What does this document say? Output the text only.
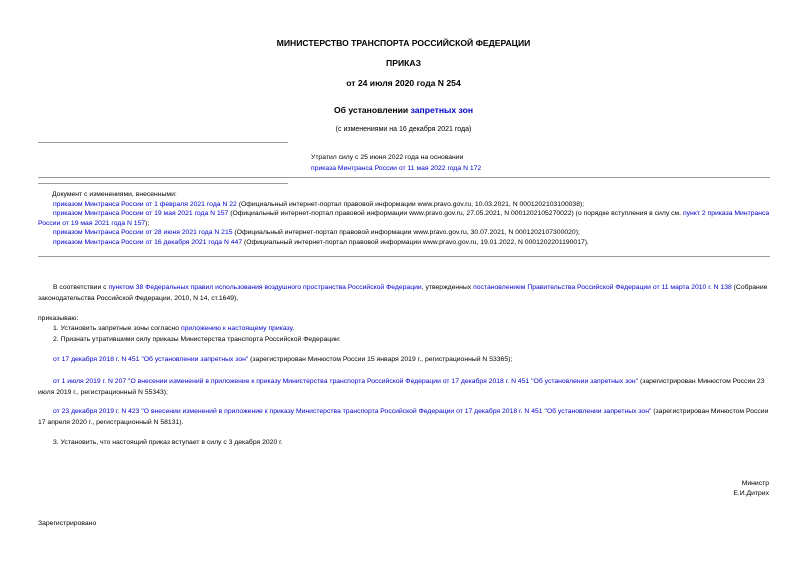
МИНИСТЕРСТВО ТРАНСПОРТА РОССИЙСКОЙ ФЕДЕРАЦИИ
ПРИКАЗ
от 24 июля 2020 года N 254
Об установлении запретных зон
(с изменениями на 16 декабря 2021 года)
Утратил силу с 25 июня 2022 года на основании
приказа Минтранса России от 11 мая 2022 года N 172
Документ с изменениями, внесенными:
приказом Минтранса России от 1 февраля 2021 года N 22 (Официальный интернет-портал правовой информации www.pravo.gov.ru, 10.03.2021, N 0001202103100038);
приказом Минтранса России от 19 мая 2021 года N 157 (Официальный интернет-портал правовой информации www.pravo.gov.ru, 27.05.2021, N 0001202105270022) (о порядке вступления в силу см. пункт 2 приказа Минтранса России от 19 мая 2021 года N 157);
приказом Минтранса России от 28 июня 2021 года N 215 (Официальный интернет-портал правовой информации www.pravo.gov.ru, 30.07.2021, N 0001202107300020);
приказом Минтранса России от 16 декабря 2021 года N 447 (Официальный интернет-портал правовой информации www.pravo.gov.ru, 19.01.2022, N 0001202201190017).
В соответствии с пунктом 38 Федеральных правил использования воздушного пространства Российской Федерации, утвержденных постановлением Правительства Российской Федерации от 11 марта 2010 г. N 138 (Собрание законодательства Российской Федерации, 2010, N 14, ст.1649),
приказываю:
1. Установить запретные зоны согласно приложению к настоящему приказу.
2. Признать утратившими силу приказы Министерства транспорта Российской Федерации:
от 17 декабря 2018 г. N 451 "Об установлении запретных зон" (зарегистрирован Минюстом России 15 января 2019 г., регистрационный N 53365);
от 1 июля 2019 г. N 207 "О внесении изменений в приложение к приказу Министерства транспорта Российской Федерации от 17 декабря 2018 г. N 451 "Об установлении запретных зон" (зарегистрирован Минюстом России 23 июля 2019 г., регистрационный N 55343);
от 23 декабря 2019 г. N 423 "О внесении изменений в приложение к приказу Министерства транспорта Российской Федерации от 17 декабря 2018 г. N 451 "Об установлении запретных зон" (зарегистрирован Минюстом России 17 апреля 2020 г., регистрационный N 58131).
3. Установить, что настоящий приказ вступает в силу с 3 декабря 2020 г.
Министр
Е.И.Дитрих
Зарегистрировано
